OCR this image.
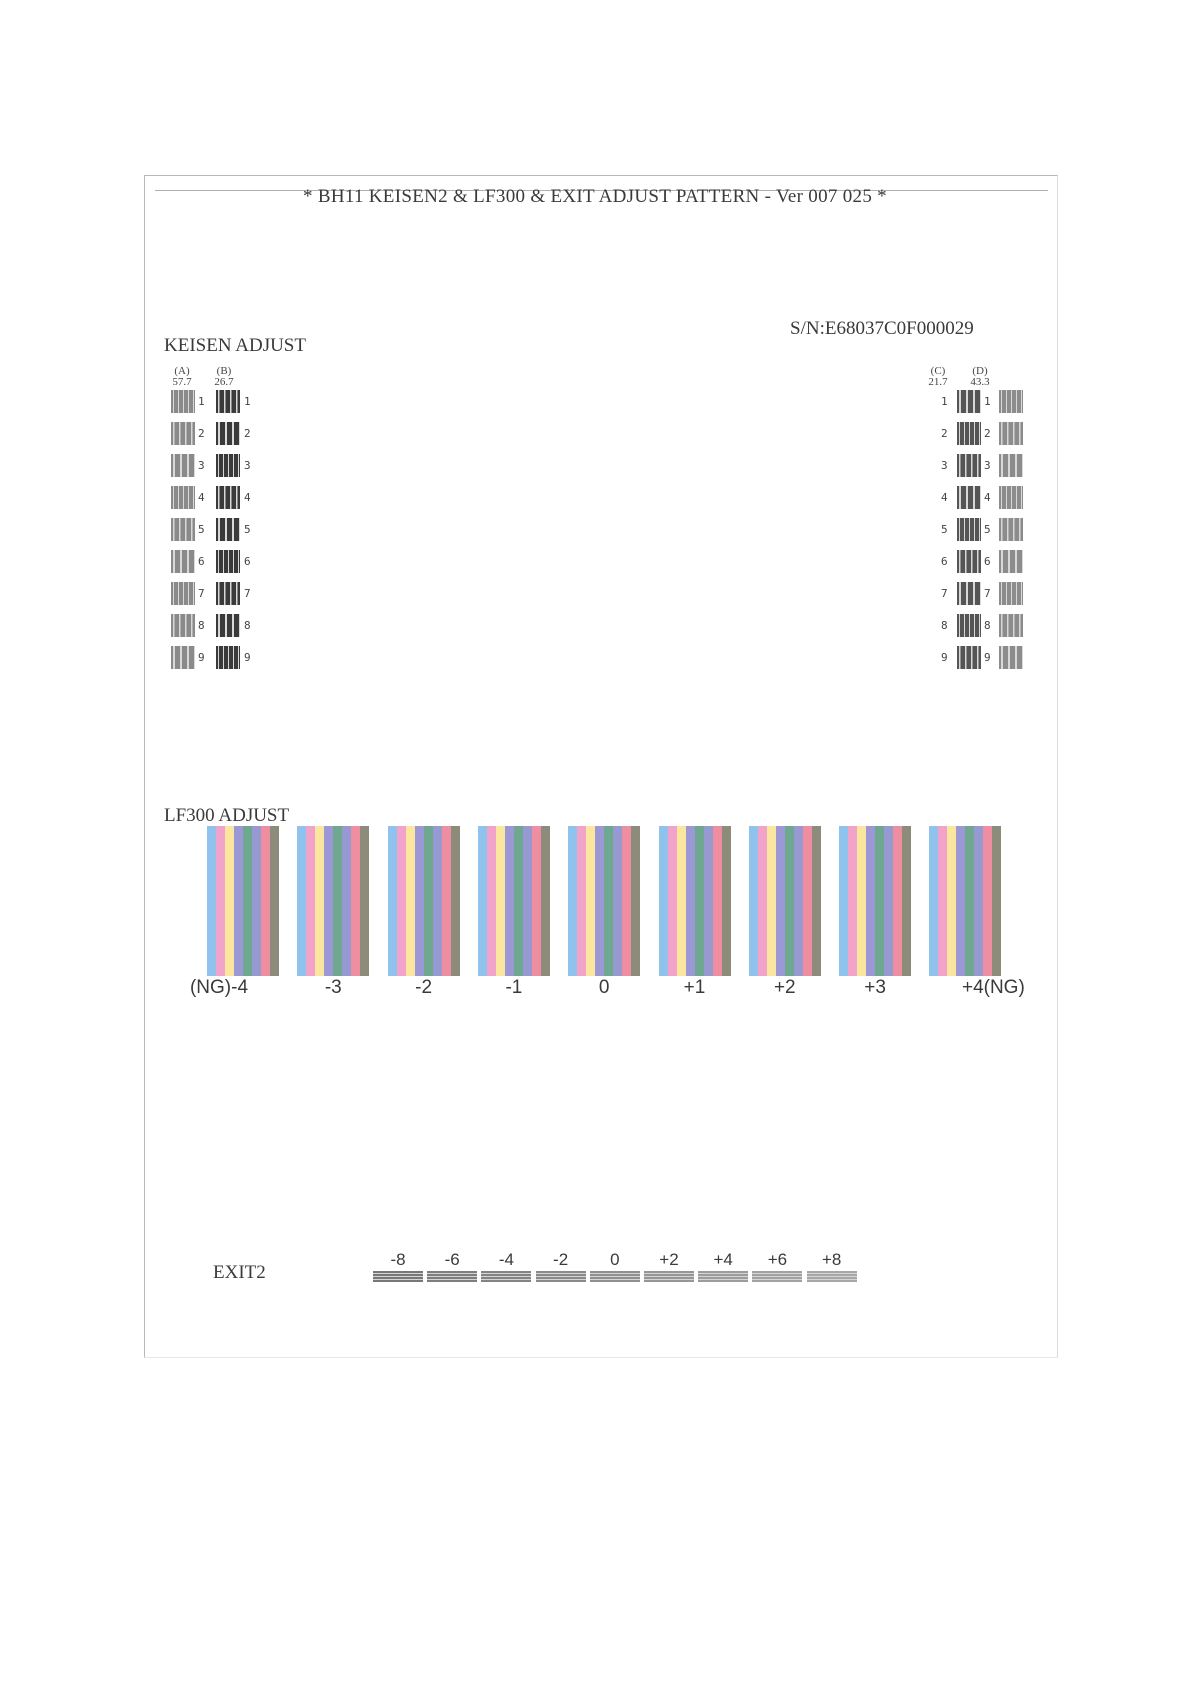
* BH11 KEISEN2 & LF300 & EXIT ADJUST PATTERN - Ver 007 025 *
S/N:E68037C0F000029
KEISEN ADJUST
(A) (B)
57.7 26.7
(C) (D)
21.7 43.3
1	1	1	1
2	2	2	2
3	3	3	3
4	4	4	4
5	5	5	5
6	6	6	6
7	7	7	7
8	8	8	8
9	9	9	9
LF300 ADJUST
(NG)-4	-3	-2	-1	0	+1	+2	+3	+4(NG)
EXIT2
-8	-6	-4	-2	0	+2	+4	+6	+8
